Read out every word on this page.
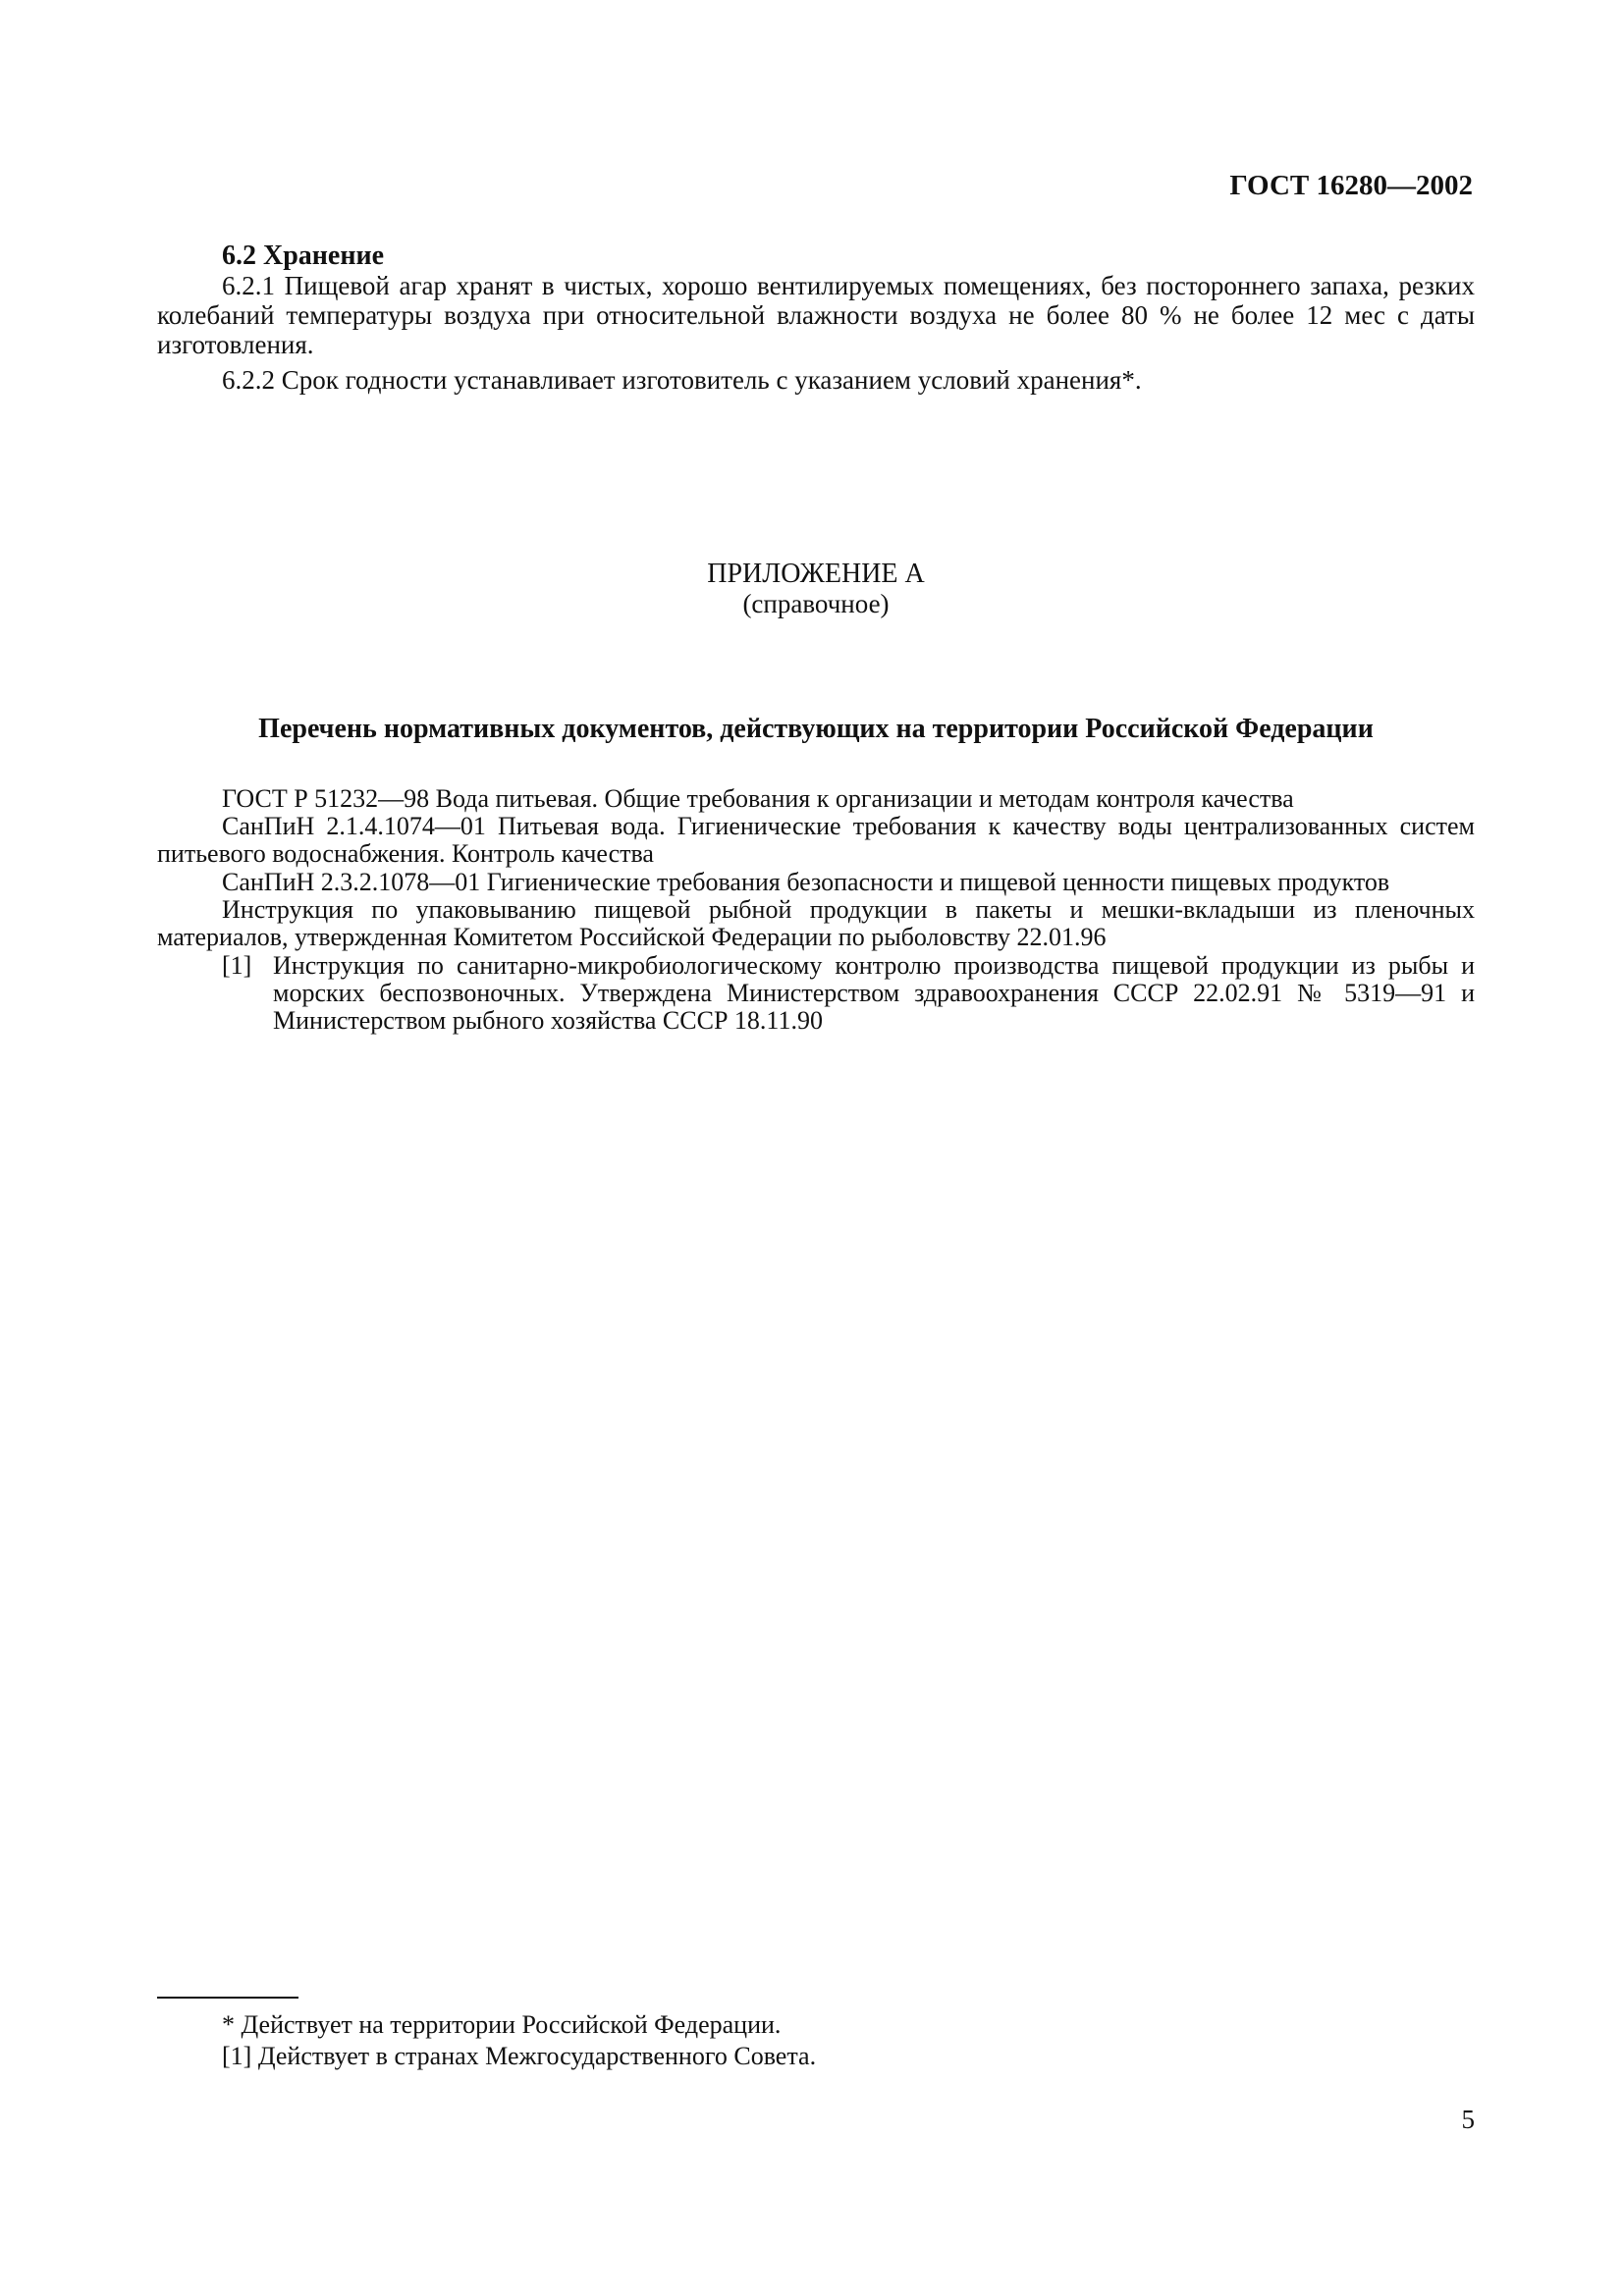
ГОСТ 16280—2002
6.2 Хранение
6.2.1 Пищевой агар хранят в чистых, хорошо вентилируемых помещениях, без постороннего запаха, резких колебаний температуры воздуха при относительной влажности воздуха не более 80 % не более 12 мес с даты изготовления.
6.2.2 Срок годности устанавливает изготовитель с указанием условий хранения*.
ПРИЛОЖЕНИЕ А
(справочное)
Перечень нормативных документов, действующих на территории Российской Федерации
ГОСТ Р 51232—98 Вода питьевая. Общие требования к организации и методам контроля качества
СанПиН 2.1.4.1074—01 Питьевая вода. Гигиенические требования к качеству воды централизованных систем питьевого водоснабжения. Контроль качества
СанПиН 2.3.2.1078—01 Гигиенические требования безопасности и пищевой ценности пищевых продуктов
Инструкция по упаковыванию пищевой рыбной продукции в пакеты и мешки-вкладыши из пленочных материалов, утвержденная Комитетом Российской Федерации по рыболовству 22.01.96
[1] Инструкция по санитарно-микробиологическому контролю производства пищевой продукции из рыбы и морских беспозвоночных. Утверждена Министерством здравоохранения СССР 22.02.91 № 5319—91 и Министерством рыбного хозяйства СССР 18.11.90
* Действует на территории Российской Федерации.
[1] Действует в странах Межгосударственного Совета.
5
